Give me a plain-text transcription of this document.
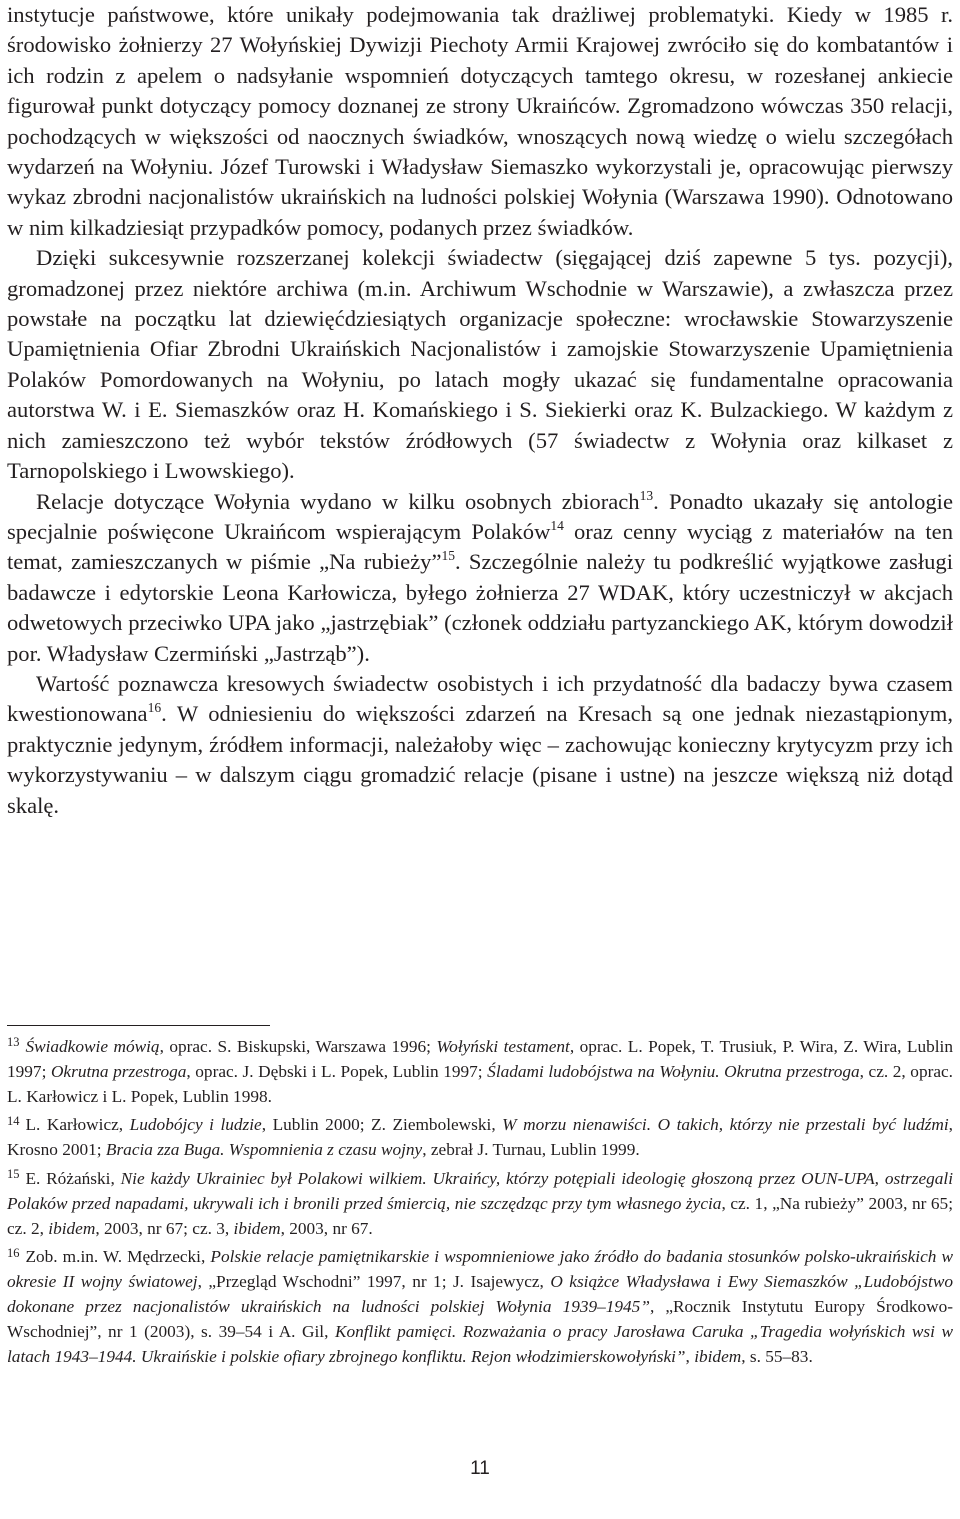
instytucje państwowe, które unikały podejmowania tak drażliwej problematyki. Kiedy w 1985 r. środowisko żołnierzy 27 Wołyńskiej Dywizji Piechoty Armii Krajowej zwróciło się do kombatantów i ich rodzin z apelem o nadsyłanie wspomnień dotyczących tamtego okresu, w rozesłanej ankiecie figurował punkt dotyczący pomocy doznanej ze strony Ukraińców. Zgromadzono wówczas 350 relacji, pochodzących w większości od naocznych świadków, wnoszących nową wiedzę o wielu szczegółach wydarzeń na Wołyniu. Józef Turowski i Władysław Siemaszko wykorzystali je, opracowując pierwszy wykaz zbrodni nacjonalistów ukraińskich na ludności polskiej Wołynia (Warszawa 1990). Odnotowano w nim kilkadziesiąt przypadków pomocy, podanych przez świadków.

Dzięki sukcesywnie rozszerzanej kolekcji świadectw (sięgającej dziś zapewne 5 tys. pozycji), gromadzonej przez niektóre archiwa (m.in. Archiwum Wschodnie w Warszawie), a zwłaszcza przez powstałe na początku lat dziewięćdziesiątych organizacje społeczne: wrocławskie Stowarzyszenie Upamiętnienia Ofiar Zbrodni Ukraińskich Nacjonalistów i zamojskie Stowarzyszenie Upamiętnienia Polaków Pomordowanych na Wołyniu, po latach mogły ukazać się fundamentalne opracowania autorstwa W. i E. Siemaszków oraz H. Komańskiego i S. Siekierki oraz K. Bulzackiego. W każdym z nich zamieszczono też wybór tekstów źródłowych (57 świadectw z Wołynia oraz kilkaset z Tarnopolskiego i Lwowskiego).

Relacje dotyczące Wołynia wydano w kilku osobnych zbiorach$^{13}$. Ponadto ukazały się antologie specjalnie poświęcone Ukraińcom wspierającym Polaków$^{14}$ oraz cenny wyciąg z materiałów na ten temat, zamieszczanych w piśmie „Na rubieży”$^{15}$. Szczególnie należy tu podkreślić wyjątkowe zasługi badawcze i edytorskie Leona Karłowicza, byłego żołnierza 27 WDAK, który uczestniczył w akcjach odwetowych przeciwko UPA jako „jastrzębiak” (członek oddziału partyzanckiego AK, którym dowodził por. Władysław Czermiński „Jastrząb”).

Wartość poznawcza kresowych świadectw osobistych i ich przydatność dla badaczy bywa czasem kwestionowana$^{16}$. W odniesieniu do większości zdarzeń na Kresach są one jednak niezastąpionym, praktycznie jedynym, źródłem informacji, należałoby więc – zachowując konieczny krytycyzm przy ich wykorzystywaniu – w dalszym ciągu gromadzić relacje (pisane i ustne) na jeszcze większą niż dotąd skalę.

$^{13}$ Świadkowie mówią, oprac. S. Biskupski, Warszawa 1996; Wołyński testament, oprac. L. Popek, T. Trusiuk, P. Wira, Z. Wira, Lublin 1997; Okrutna przestroga, oprac. J. Dębski i L. Popek, Lublin 1997; Śladami ludobójstwa na Wołyniu. Okrutna przestroga, cz. 2, oprac. L. Karłowicz i L. Popek, Lublin 1998.

$^{14}$ L. Karłowicz, Ludobójcy i ludzie, Lublin 2000; Z. Ziembolewski, W morzu nienawiści. O takich, którzy nie przestali być ludźmi, Krosno 2001; Bracia zza Buga. Wspomnienia z czasu wojny, zebrał J. Turnau, Lublin 1999.

$^{15}$ E. Różański, Nie każdy Ukrainiec był Polakowi wilkiem. Ukraińcy, którzy potępiali ideologię głoszoną przez OUN-UPA, ostrzegali Polaków przed napadami, ukrywali ich i bronili przed śmiercią, nie szczędząc przy tym własnego życia, cz. 1, „Na rubieży” 2003, nr 65; cz. 2, ibidem, 2003, nr 67; cz. 3, ibidem, 2003, nr 67.

$^{16}$ Zob. m.in. W. Mędrzecki, Polskie relacje pamiętnikarskie i wspomnieniowe jako źródło do badania stosunków polsko-ukraińskich w okresie II wojny światowej, „Przegląd Wschodni” 1997, nr 1; J. Isajewycz, O książce Władysława i Ewy Siemaszków „Ludobójstwo dokonane przez nacjonalistów ukraińskich na ludności polskiej Wołynia 1939–1945”, „Rocznik Instytutu Europy Środkowo-Wschodniej”, nr 1 (2003), s. 39–54 i A. Gil, Konflikt pamięci. Rozważania o pracy Jarosława Caruka „Tragedia wołyńskich wsi w latach 1943–1944. Ukraińskie i polskie ofiary zbrojnego konfliktu. Rejon włodzimierskowołyński”, ibidem, s. 55–83.

11
